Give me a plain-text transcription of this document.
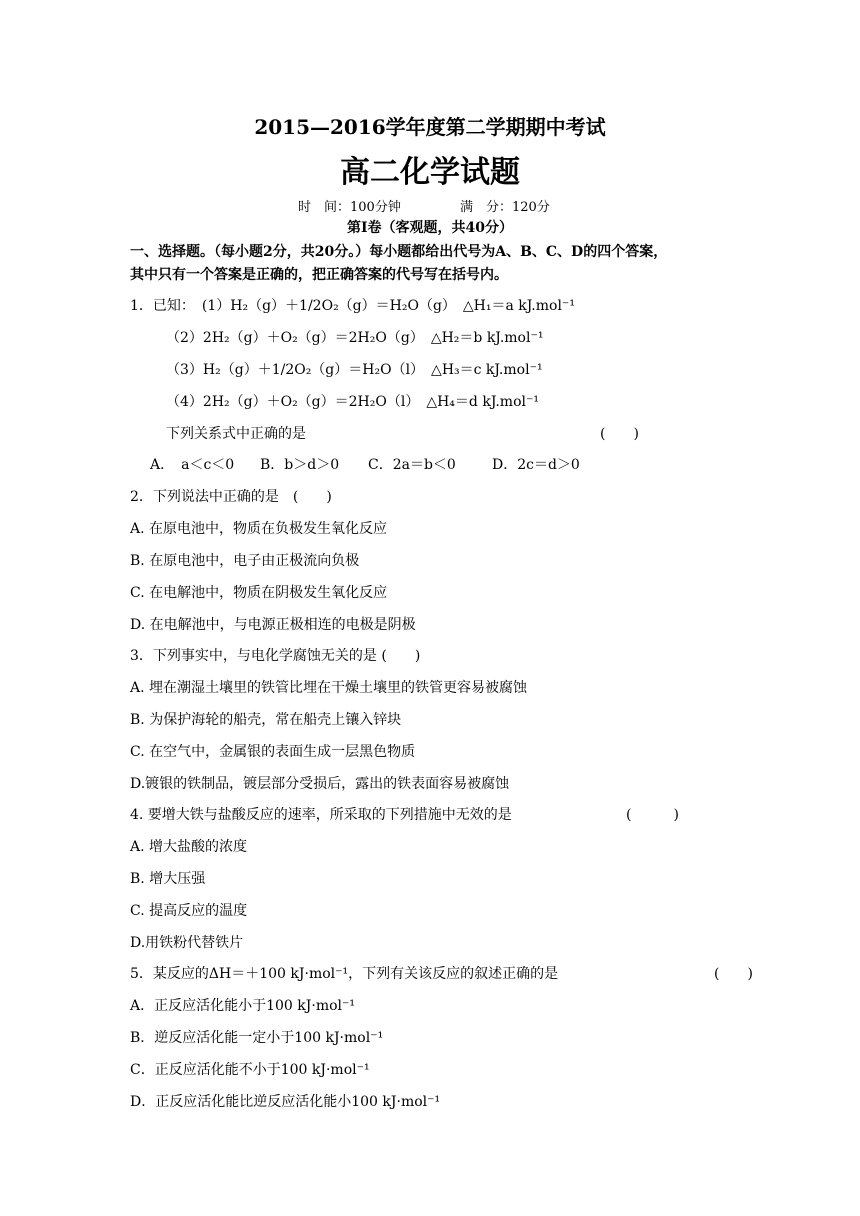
2015—2016学年度第二学期期中考试
高二化学试题
时　间：100分钟	满　分：120分
第Ⅰ卷（客观题，共40分）
一、选择题。（每小题2分，共20分。）每小题都给出代号为A、B、C、D的四个答案，
其中只有一个答案是正确的，把正确答案的代号写在括号内。
1．已知：　(1）H₂（g）＋1/2O₂（g）＝H₂O（g）　△H₁＝a kJ.mol⁻¹
（2）2H₂（g）＋O₂（g）＝2H₂O（g）　△H₂＝b kJ.mol⁻¹
（3）H₂（g）＋1/2O₂（g）＝H₂O（l）　△H₃＝c kJ.mol⁻¹
（4）2H₂（g）＋O₂（g）＝2H₂O（l）　△H₄＝d kJ.mol⁻¹
下列关系式中正确的是	(　　)
A．　a＜c＜0 B．b＞d＞0 C．2a＝b＜0	D．2c＝d＞0
2．下列说法中正确的是　(　　)
A. 在原电池中，物质在负极发生氧化反应
B. 在原电池中，电子由正极流向负极
C. 在电解池中，物质在阴极发生氧化反应
D. 在电解池中，与电源正极相连的电极是阴极
3．下列事实中，与电化学腐蚀无关的是 (　　)
A. 埋在潮湿土壤里的铁管比埋在干燥土壤里的铁管更容易被腐蚀
B. 为保护海轮的船壳，常在船壳上镶入锌块
C. 在空气中，金属银的表面生成一层黑色物质
D.镀银的铁制品，镀层部分受损后，露出的铁表面容易被腐蚀
4. 要增大铁与盐酸反应的速率，所采取的下列措施中无效的是	(　　　)
A. 增大盐酸的浓度
B. 增大压强
C. 提高反应的温度
D.用铁粉代替铁片
5．某反应的ΔH＝＋100 kJ·mol⁻¹，下列有关该反应的叙述正确的是	(　　)
A．正反应活化能小于100 kJ·mol⁻¹
B．逆反应活化能一定小于100 kJ·mol⁻¹
C．正反应活化能不小于100 kJ·mol⁻¹
D．正反应活化能比逆反应活化能小100 kJ·mol⁻¹
